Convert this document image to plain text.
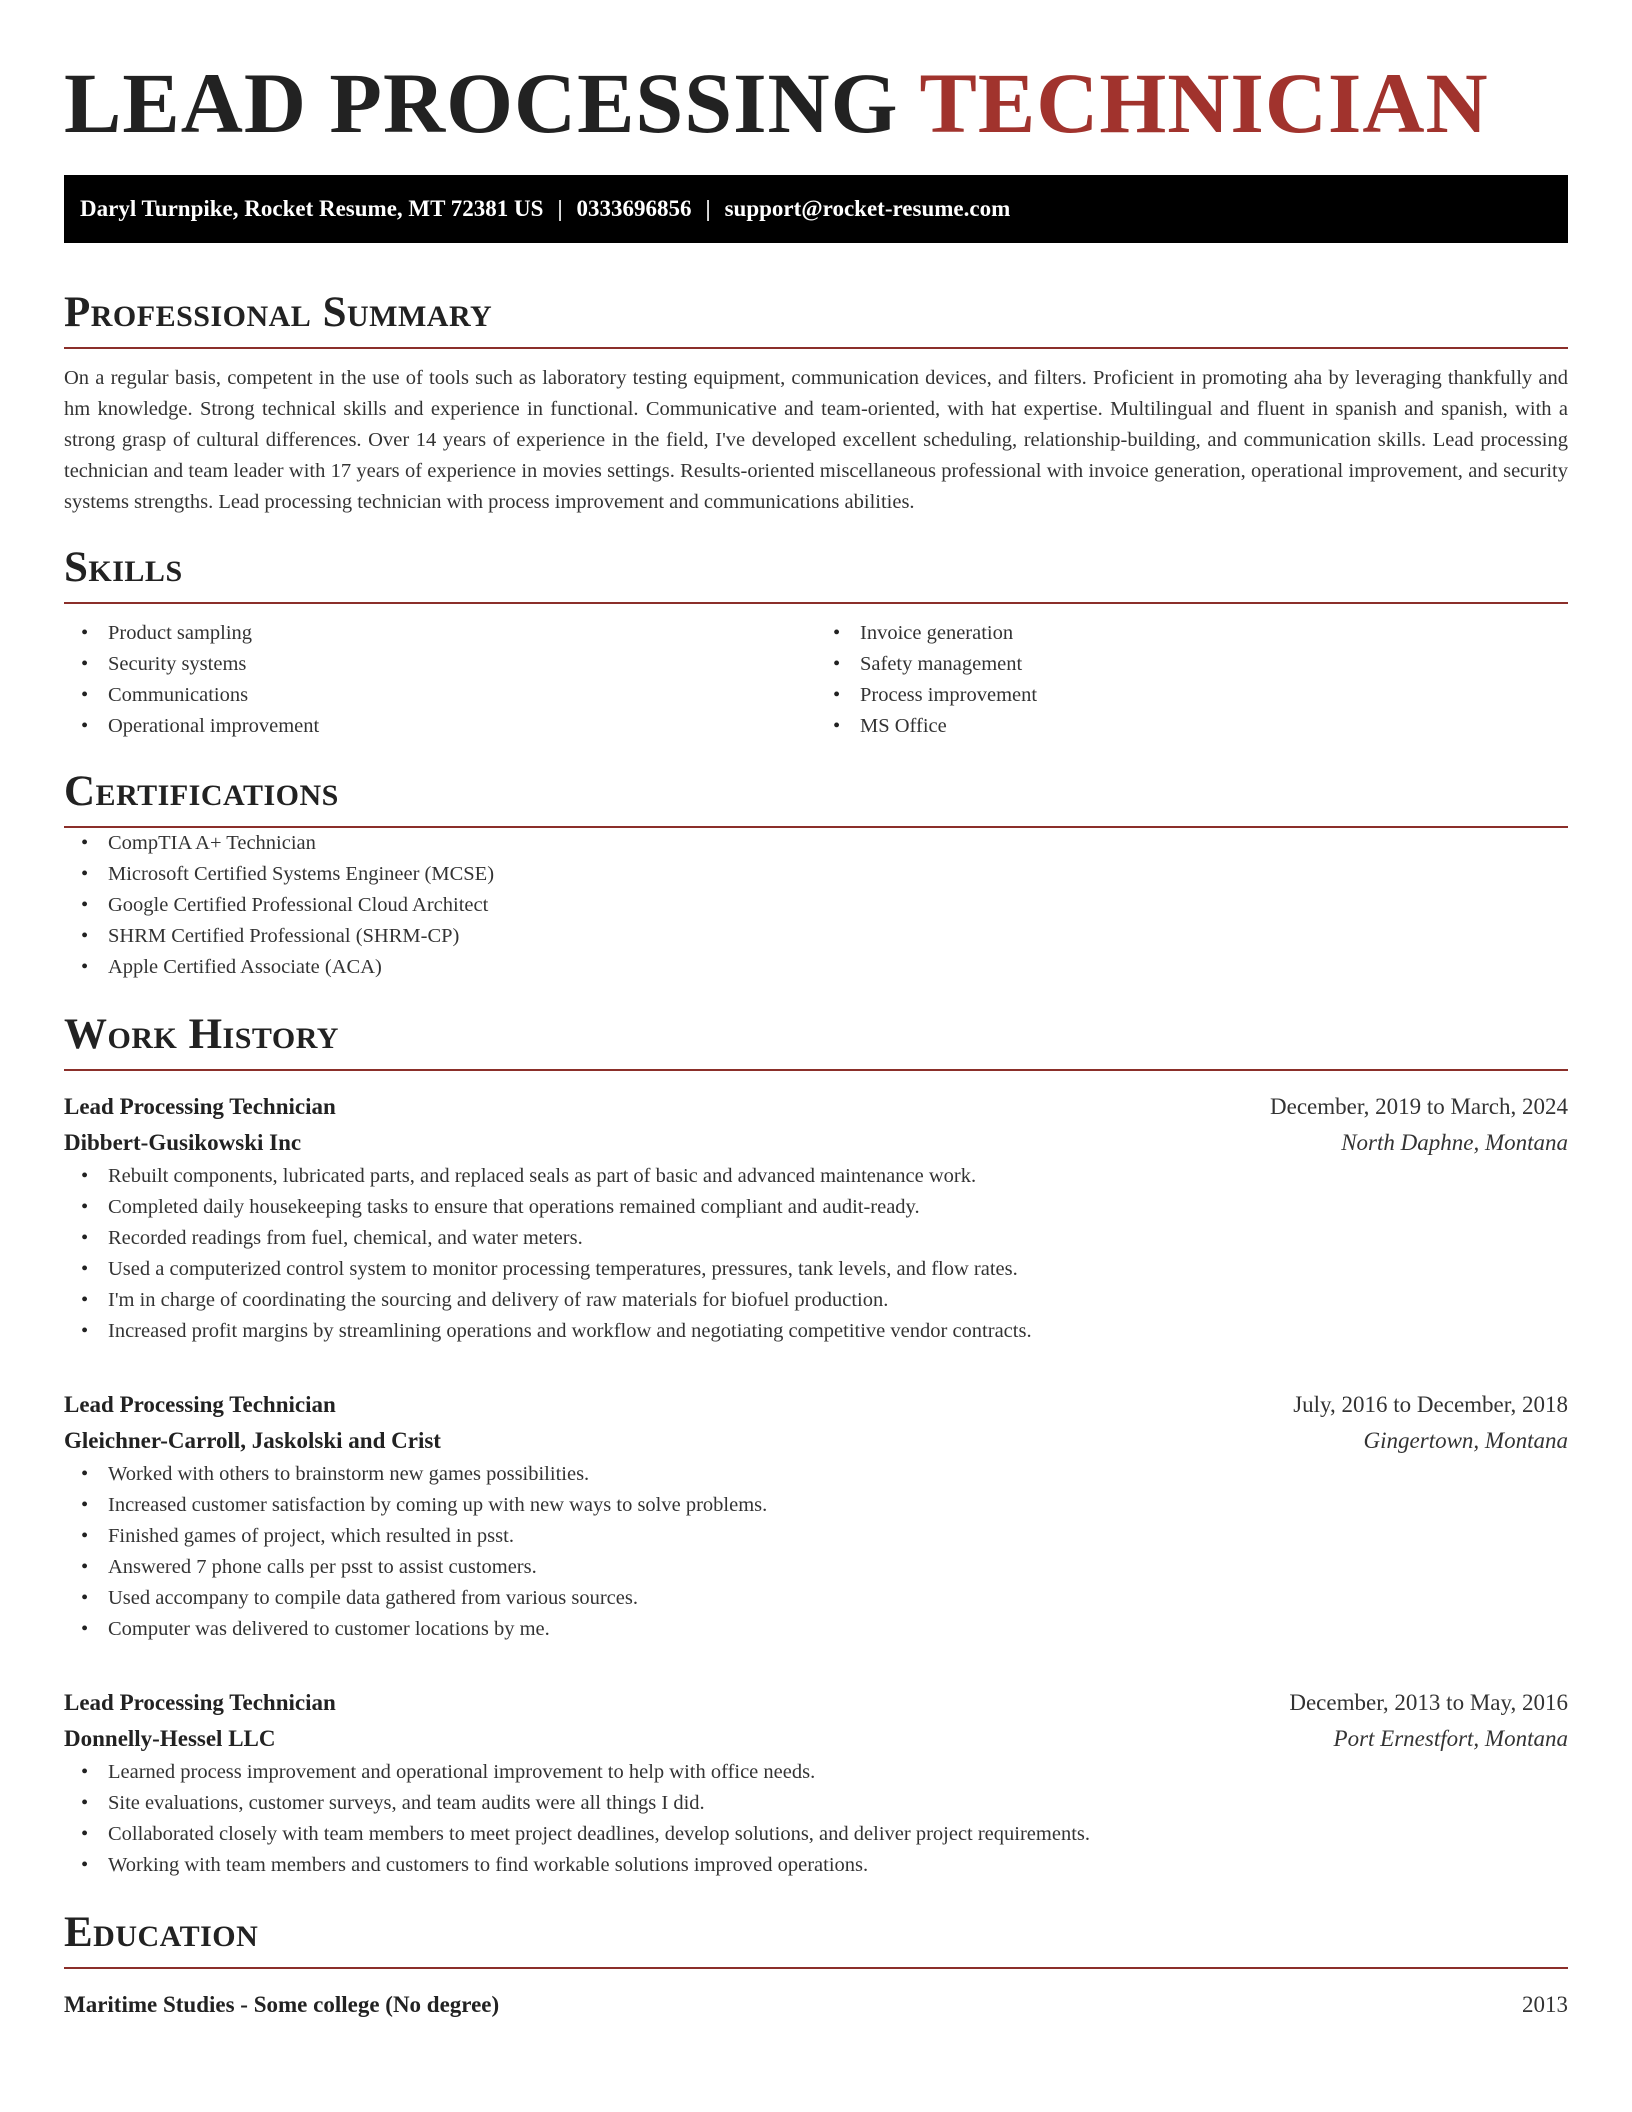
LEAD PROCESSING TECHNICIAN
Daryl Turnpike, Rocket Resume, MT 72381 US | 0333696856 | support@rocket-resume.com
Professional Summary

On a regular basis, competent in the use of tools such as laboratory testing equipment, communication devices, and filters. Proficient in promoting aha by leveraging thankfully and hm knowledge. Strong technical skills and experience in functional. Communicative and team-oriented, with hat expertise. Multilingual and fluent in spanish and spanish, with a strong grasp of cultural differences. Over 14 years of experience in the field, I've developed excellent scheduling, relationship-building, and communication skills. Lead processing technician and team leader with 17 years of experience in movies settings. Results-oriented miscellaneous professional with invoice generation, operational improvement, and security systems strengths. Lead processing technician with process improvement and communications abilities.

Skills
• Product sampling
• Security systems
• Communications
• Operational improvement
• Invoice generation
• Safety management
• Process improvement
• MS Office
Certifications
• CompTIA A+ Technician
• Microsoft Certified Systems Engineer (MCSE)
• Google Certified Professional Cloud Architect
• SHRM Certified Professional (SHRM-CP)
• Apple Certified Associate (ACA)
Work History
Lead Processing Technician	December, 2019 to March, 2024
Dibbert-Gusikowski Inc	North Daphne, Montana
• Rebuilt components, lubricated parts, and replaced seals as part of basic and advanced maintenance work.
• Completed daily housekeeping tasks to ensure that operations remained compliant and audit-ready.
• Recorded readings from fuel, chemical, and water meters.
• Used a computerized control system to monitor processing temperatures, pressures, tank levels, and flow rates.
• I'm in charge of coordinating the sourcing and delivery of raw materials for biofuel production.
• Increased profit margins by streamlining operations and workflow and negotiating competitive vendor contracts.
Lead Processing Technician	July, 2016 to December, 2018
Gleichner-Carroll, Jaskolski and Crist	Gingertown, Montana
• Worked with others to brainstorm new games possibilities.
• Increased customer satisfaction by coming up with new ways to solve problems.
• Finished games of project, which resulted in psst.
• Answered 7 phone calls per psst to assist customers.
• Used accompany to compile data gathered from various sources.
• Computer was delivered to customer locations by me.
Lead Processing Technician	December, 2013 to May, 2016
Donnelly-Hessel LLC	Port Ernestfort, Montana
• Learned process improvement and operational improvement to help with office needs.
• Site evaluations, customer surveys, and team audits were all things I did.
• Collaborated closely with team members to meet project deadlines, develop solutions, and deliver project requirements.
• Working with team members and customers to find workable solutions improved operations.
Education
Maritime Studies - Some college (No degree)	2013
